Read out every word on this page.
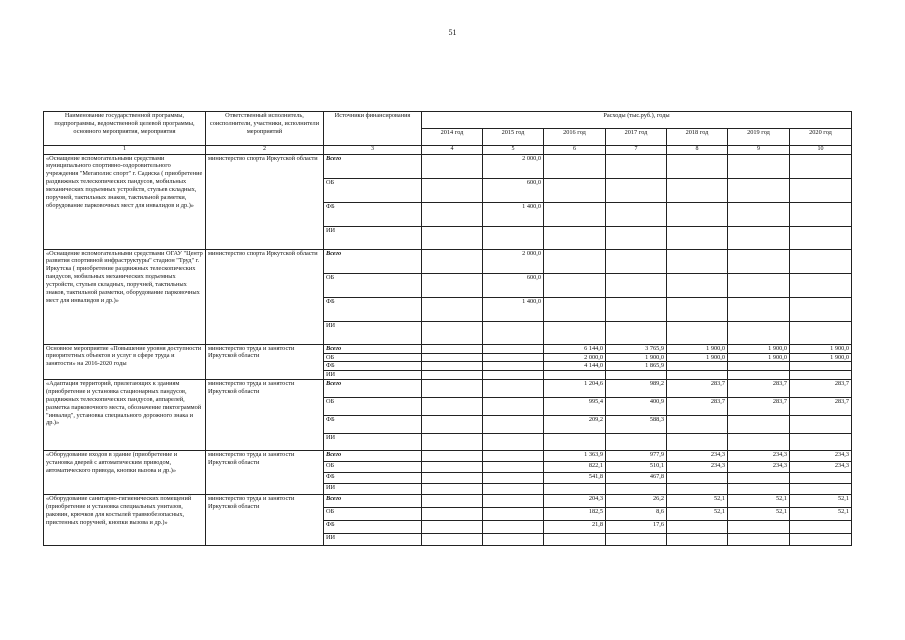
51
Наименование государственной программы, подпрограммы, ведомственной целевой программы, основного мероприятия, мероприятия	Ответственный исполнитель, соисполнители, участники, исполнители мероприятий	Источники финансирования	Расходы (тыс.руб.), годы						
			2014 год	2015 год	2016 год	2017 год	2018 год	2019 год	2020 год
1	2	3	4	5	6	7	8	9	10
«Оснащение вспомогательными средствами муниципального спортивно-оздоровительного учреждения "Мегаполис спорт" г. Садиска ( приобретение раздвижных телескопических пандусов, мобильных механических подъемных устройств, стульев складных, поручней, тактильных знаков, тактильной разметки, оборудование парковочных мест для инвалидов и др.)»	министерство спорта Иркутской области	Всего		2 000,0					
		ОБ		600,0					
		ФБ		1 400,0					
		ИИ							
«Оснащение вспомогательными средствами ОГАУ "Центр развития спортивной инфраструктуры" стадион "Труд" г. Иркутска ( приобретение раздвижных телескопических пандусов, мобильных механических подъемных устройств, стульев складных, поручней, тактильных знаков, тактильной разметки, оборудование парковочных мест для инвалидов и др.)»	министерство спорта Иркутской области	Всего		2 000,0					
		ОБ		600,0					
		ФБ		1 400,0					
		ИИ							
Основное мероприятие «Повышение уровня доступности приоритетных объектов и услуг в сфере труда и занятости» на 2016-2020 годы	министерство труда и занятости Иркутской области	Всего			6 144,0	3 765,9	1 900,0	1 900,0	1 900,0
		ОБ			2 000,0	1 900,0	1 900,0	1 900,0	1 900,0
		ФБ			4 144,0	1 865,9			
		ИИ							
«Адаптация территорий, прилегающих к зданиям (приобретение и установка стационарных пандусов, раздвижных телескопических пандусов, аппарелей, разметка парковочного места, обозначение пиктограммой "инвалид", установка специального дорожного знака и др.)»	министерство труда и занятости Иркутской области	Всего			1 204,6	989,2	283,7	283,7	283,7
		ОБ			995,4	400,9	283,7	283,7	283,7
		ФБ			209,2	588,3			
		ИИ							
«Оборудование входов в здание (приобретение и установка дверей с автоматическим приводом, автоматического привода, кнопки вызова и др.)»	министерство труда и занятости Иркутской области	Всего			1 363,9	977,9	234,3	234,3	234,3
		ОБ			822,1	510,1	234,3	234,3	234,3
		ФБ			541,8	467,8			
		ИИ							
«Оборудование санитарно-гигиенических помещений (приобретение и установка специальных унитазов, раковин, крючков для костылей травмобезопасных, пристенных поручней, кнопки вызова и др.)»	министерство труда и занятости Иркутской области	Всего			204,3	26,2	52,1	52,1	52,1
		ОБ			182,5	8,6	52,1	52,1	52,1
		ФБ			21,8	17,6			
		ИИ							
